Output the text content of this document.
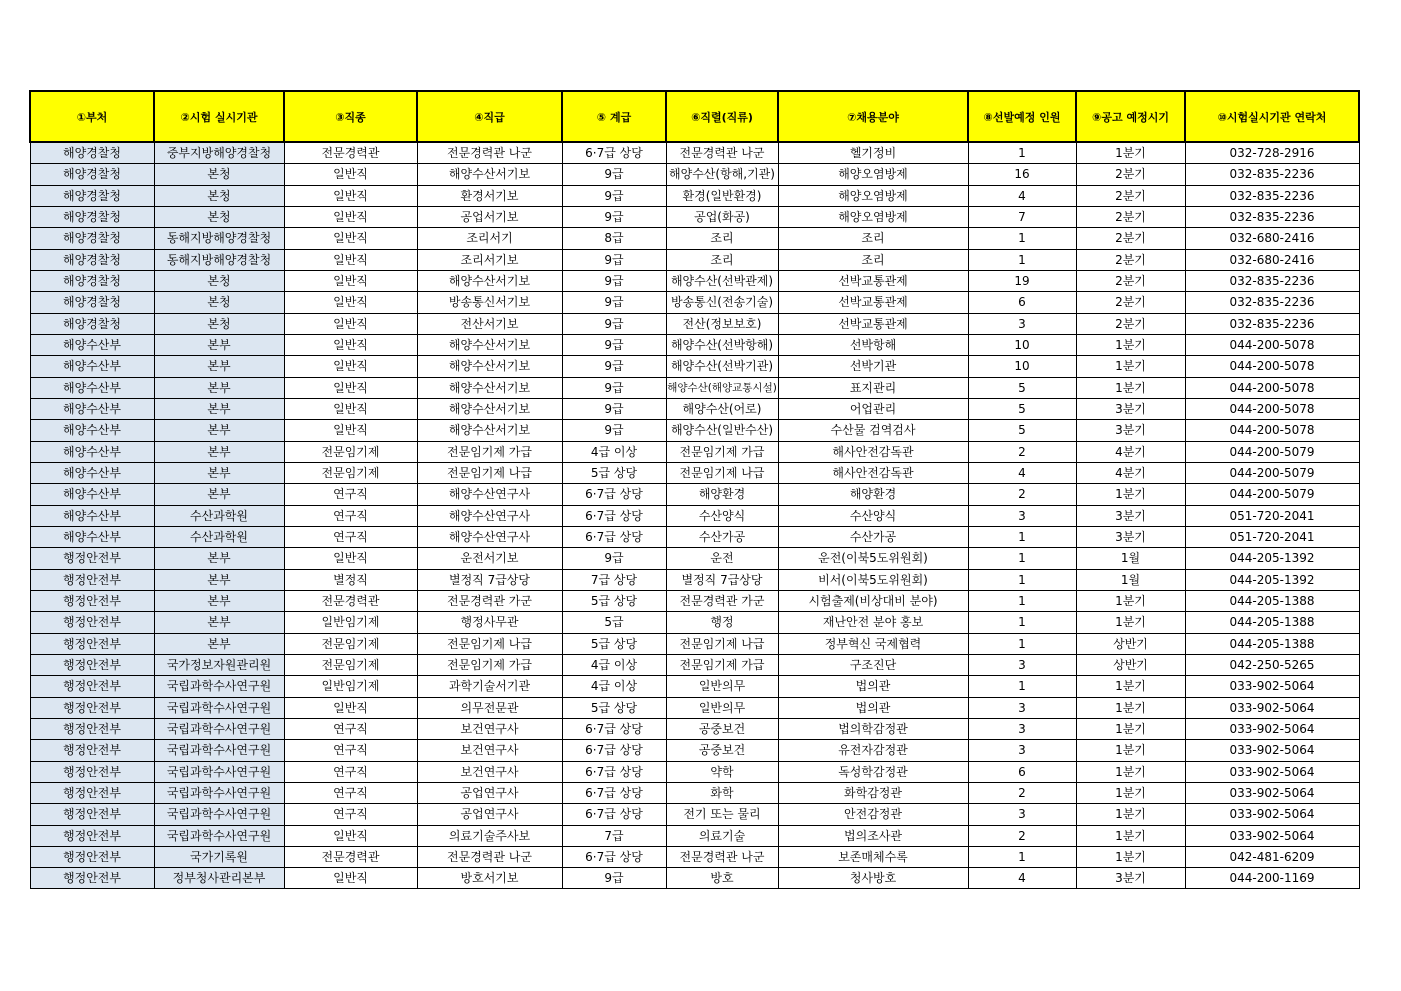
①부처	②시험 실시기관	③직종	④직급	⑤ 계급	⑥직렬(직류)	⑦채용분야	⑧선발예정 인원	⑨공고 예정시기	⑩시험실시기관 연락처
해양경찰청	중부지방해양경찰청	전문경력관	전문경력관 나군	6·7급 상당	전문경력관 나군	헬기정비	1	1분기	032-728-2916
해양경찰청	본청	일반직	해양수산서기보	9급	해양수산(항해,기관)	해양오염방제	16	2분기	032-835-2236
해양경찰청	본청	일반직	환경서기보	9급	환경(일반환경)	해양오염방제	4	2분기	032-835-2236
해양경찰청	본청	일반직	공업서기보	9급	공업(화공)	해양오염방제	7	2분기	032-835-2236
해양경찰청	동해지방해양경찰청	일반직	조리서기	8급	조리	조리	1	2분기	032-680-2416
해양경찰청	동해지방해양경찰청	일반직	조리서기보	9급	조리	조리	1	2분기	032-680-2416
해양경찰청	본청	일반직	해양수산서기보	9급	해양수산(선박관제)	선박교통관제	19	2분기	032-835-2236
해양경찰청	본청	일반직	방송통신서기보	9급	방송통신(전송기술)	선박교통관제	6	2분기	032-835-2236
해양경찰청	본청	일반직	전산서기보	9급	전산(정보보호)	선박교통관제	3	2분기	032-835-2236
해양수산부	본부	일반직	해양수산서기보	9급	해양수산(선박항해)	선박항해	10	1분기	044-200-5078
해양수산부	본부	일반직	해양수산서기보	9급	해양수산(선박기관)	선박기관	10	1분기	044-200-5078
해양수산부	본부	일반직	해양수산서기보	9급	해양수산(해양교통시설)	표지관리	5	1분기	044-200-5078
해양수산부	본부	일반직	해양수산서기보	9급	해양수산(어로)	어업관리	5	3분기	044-200-5078
해양수산부	본부	일반직	해양수산서기보	9급	해양수산(일반수산)	수산물 검역검사	5	3분기	044-200-5078
해양수산부	본부	전문임기제	전문임기제 가급	4급 이상	전문임기제 가급	해사안전감독관	2	4분기	044-200-5079
해양수산부	본부	전문임기제	전문임기제 나급	5급 상당	전문임기제 나급	해사안전감독관	4	4분기	044-200-5079
해양수산부	본부	연구직	해양수산연구사	6·7급 상당	해양환경	해양환경	2	1분기	044-200-5079
해양수산부	수산과학원	연구직	해양수산연구사	6·7급 상당	수산양식	수산양식	3	3분기	051-720-2041
해양수산부	수산과학원	연구직	해양수산연구사	6·7급 상당	수산가공	수산가공	1	3분기	051-720-2041
행정안전부	본부	일반직	운전서기보	9급	운전	운전(이북5도위원회)	1	1월	044-205-1392
행정안전부	본부	별정직	별정직 7급상당	7급 상당	별정직 7급상당	비서(이북5도위원회)	1	1월	044-205-1392
행정안전부	본부	전문경력관	전문경력관 가군	5급 상당	전문경력관 가군	시험출제(비상대비 분야)	1	1분기	044-205-1388
행정안전부	본부	일반임기제	행정사무관	5급	행정	재난안전 분야 홍보	1	1분기	044-205-1388
행정안전부	본부	전문임기제	전문임기제 나급	5급 상당	전문임기제 나급	정부혁신 국제협력	1	상반기	044-205-1388
행정안전부	국가정보자원관리원	전문임기제	전문임기제 가급	4급 이상	전문임기제 가급	구조진단	3	상반기	042-250-5265
행정안전부	국립과학수사연구원	일반임기제	과학기술서기관	4급 이상	일반의무	법의관	1	1분기	033-902-5064
행정안전부	국립과학수사연구원	일반직	의무전문관	5급 상당	일반의무	법의관	3	1분기	033-902-5064
행정안전부	국립과학수사연구원	연구직	보건연구사	6·7급 상당	공중보건	법의학감정관	3	1분기	033-902-5064
행정안전부	국립과학수사연구원	연구직	보건연구사	6·7급 상당	공중보건	유전자감정관	3	1분기	033-902-5064
행정안전부	국립과학수사연구원	연구직	보건연구사	6·7급 상당	약학	독성학감정관	6	1분기	033-902-5064
행정안전부	국립과학수사연구원	연구직	공업연구사	6·7급 상당	화학	화학감정관	2	1분기	033-902-5064
행정안전부	국립과학수사연구원	연구직	공업연구사	6·7급 상당	전기 또는 물리	안전감정관	3	1분기	033-902-5064
행정안전부	국립과학수사연구원	일반직	의료기술주사보	7급	의료기술	법의조사관	2	1분기	033-902-5064
행정안전부	국가기록원	전문경력관	전문경력관 나군	6·7급 상당	전문경력관 나군	보존매체수록	1	1분기	042-481-6209
행정안전부	정부청사관리본부	일반직	방호서기보	9급	방호	청사방호	4	3분기	044-200-1169
